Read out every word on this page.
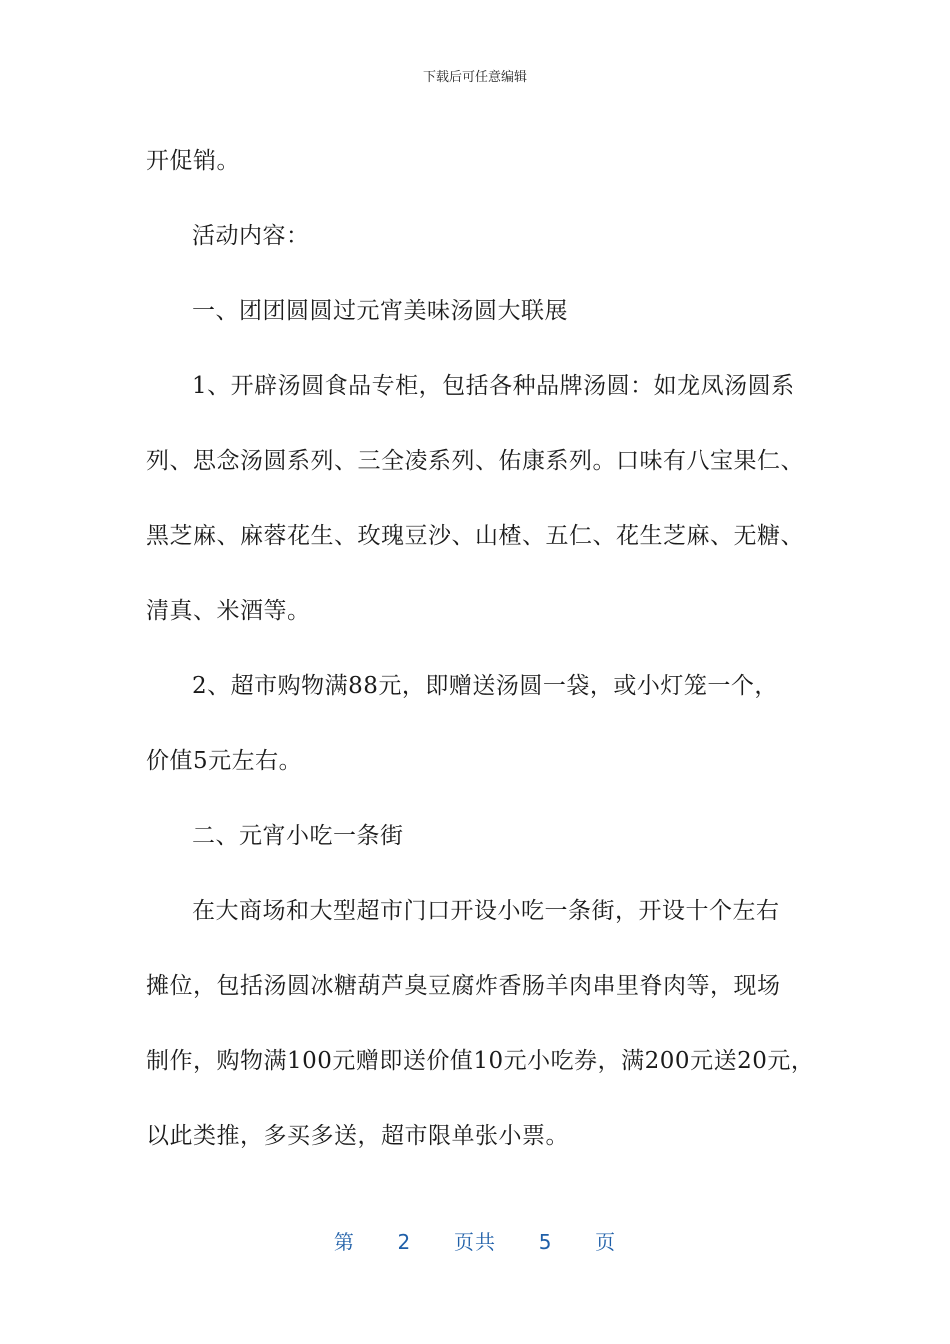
下载后可任意编辑
开促销。
活动内容：
一、团团圆圆过元宵美味汤圆大联展
1、开辟汤圆食品专柜，包括各种品牌汤圆：如龙凤汤圆系
列、思念汤圆系列、三全凌系列、佑康系列。口味有八宝果仁、
黑芝麻、麻蓉花生、玫瑰豆沙、山楂、五仁、花生芝麻、无糖、
清真、米酒等。
2、超市购物满88元，即赠送汤圆一袋，或小灯笼一个，
价值5元左右。
二、元宵小吃一条街
在大商场和大型超市门口开设小吃一条街，开设十个左右
摊位，包括汤圆冰糖葫芦臭豆腐炸香肠羊肉串里脊肉等，现场
制作，购物满100元赠即送价值10元小吃券，满200元送20元，
以此类推，多买多送，超市限单张小票。
第 2 页共 5 页
